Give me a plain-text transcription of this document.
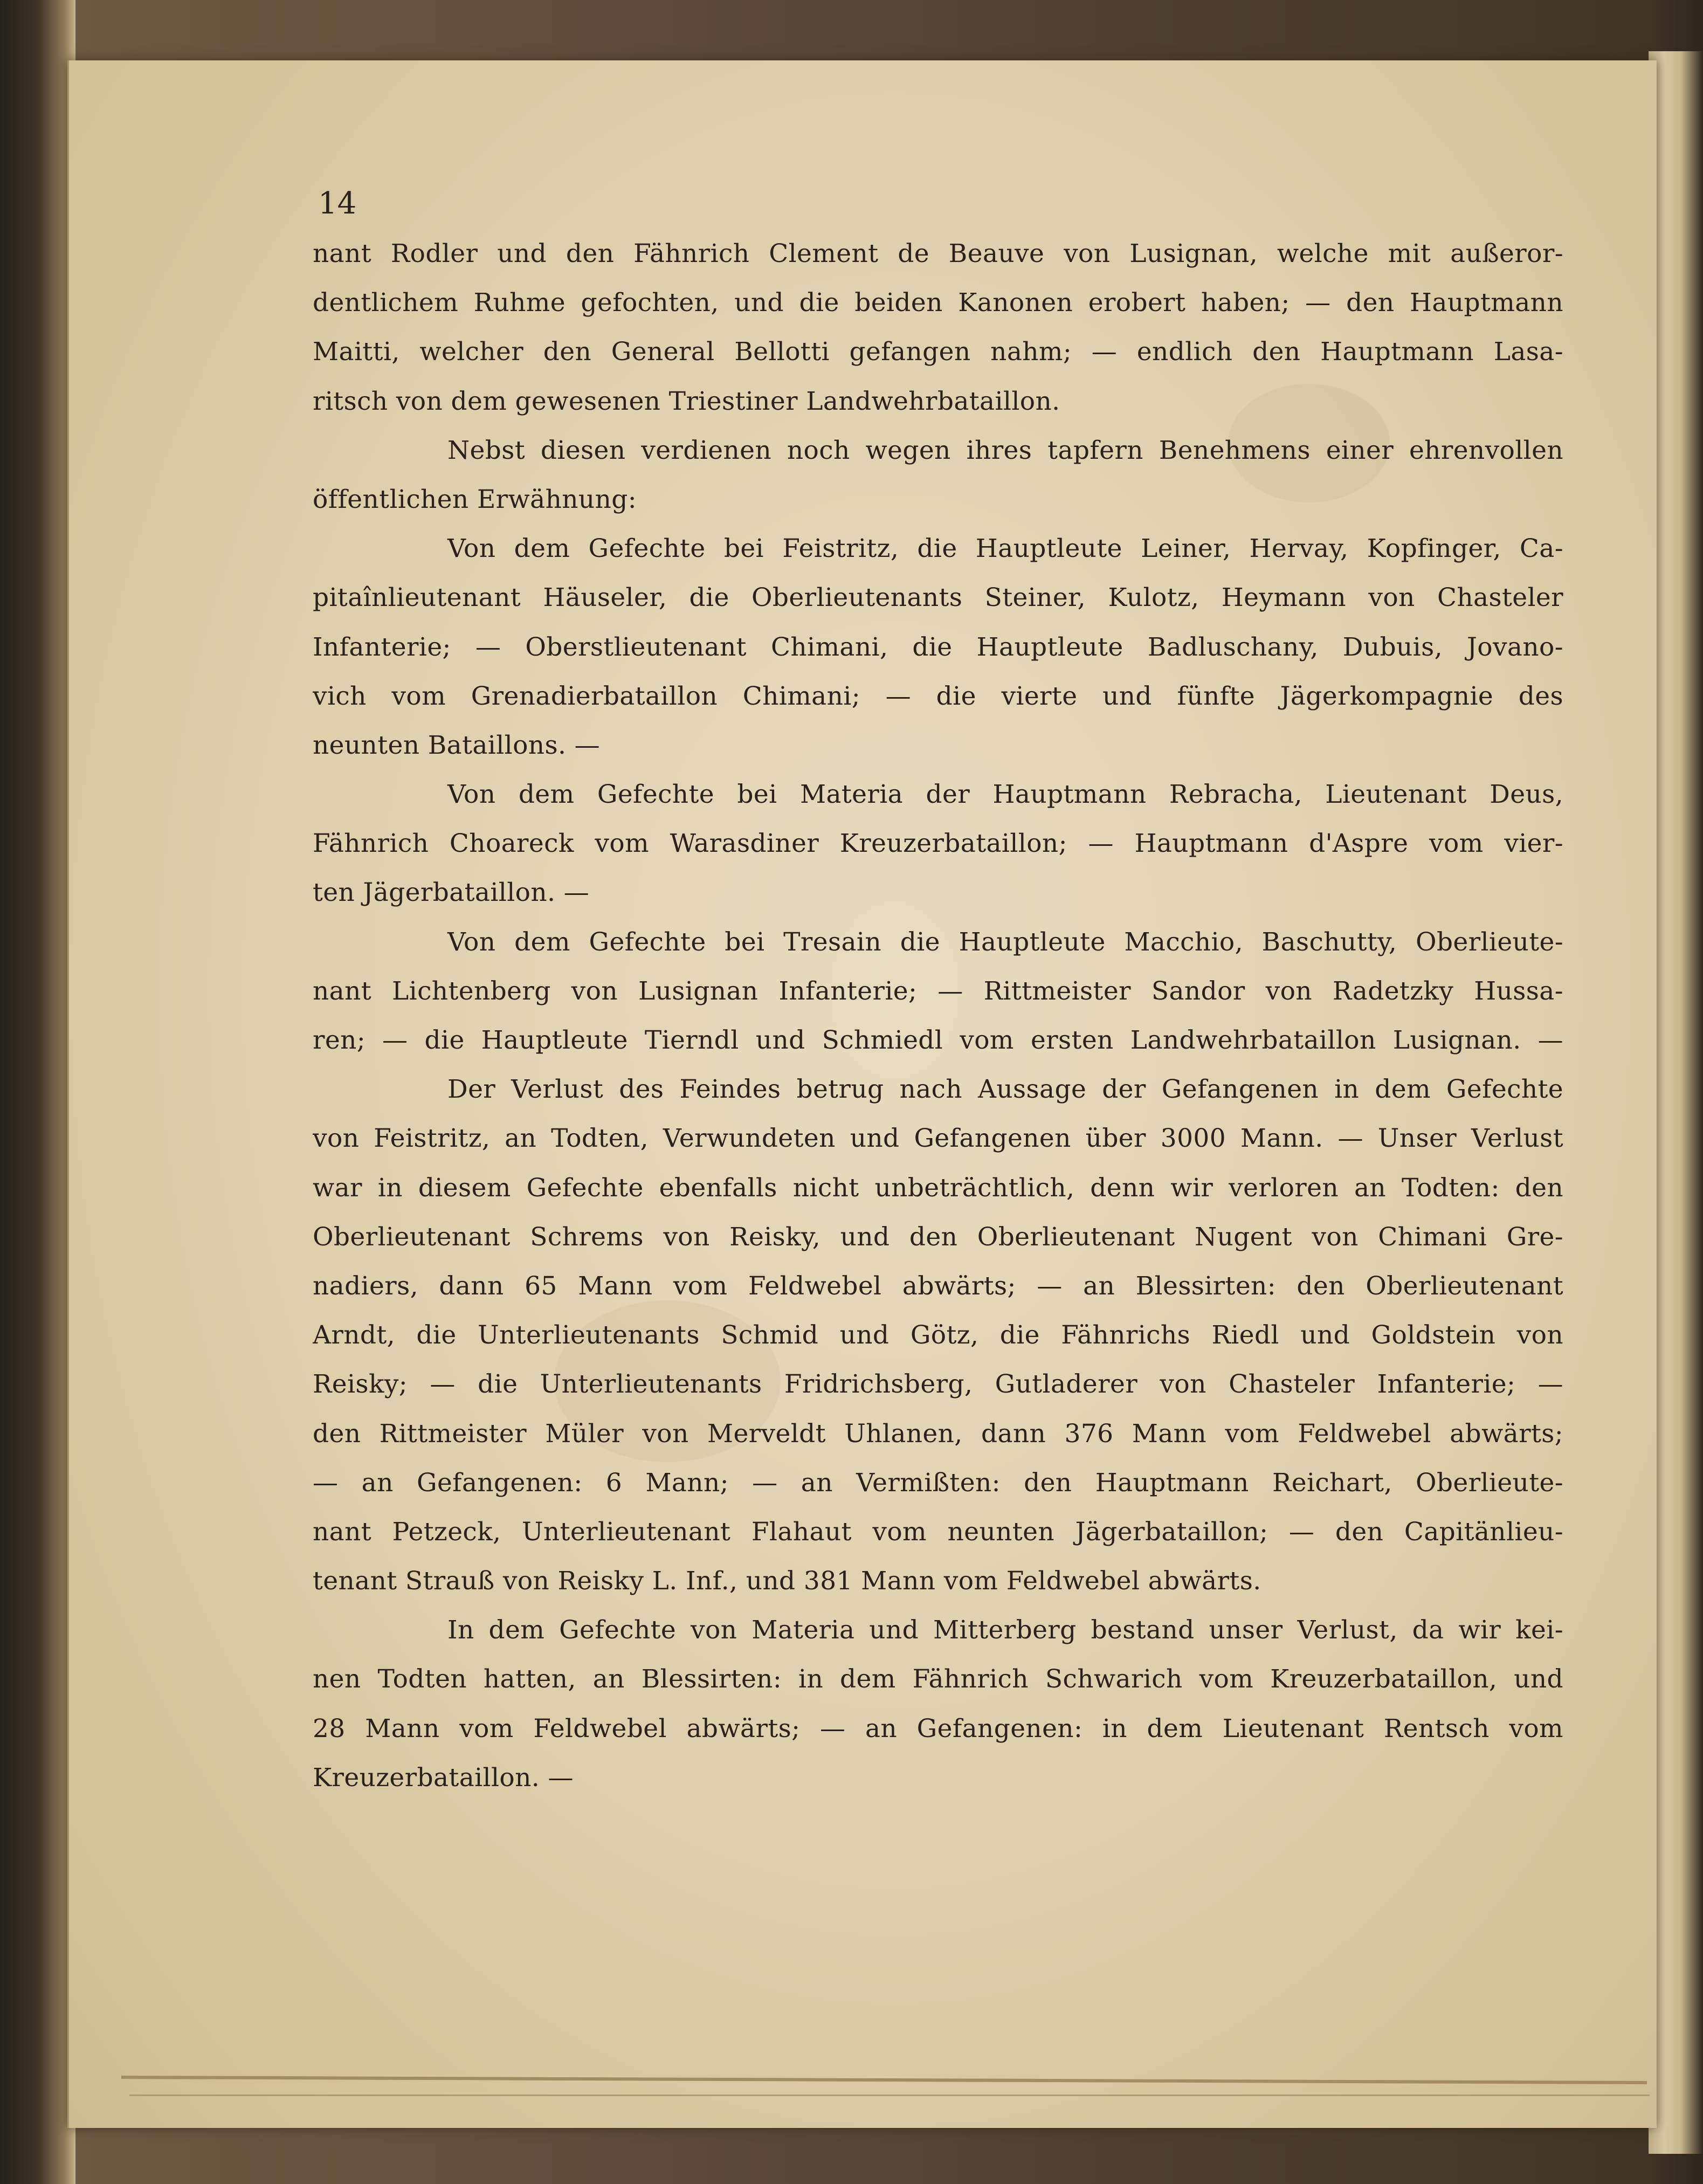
14
nant Rodler und den Fähnrich Clement de Beauve von Lusignan, welche mit außeror-
dentlichem Ruhme gefochten, und die beiden Kanonen erobert haben; — den Hauptmann
Maitti, welcher den General Bellotti gefangen nahm; — endlich den Hauptmann Lasa-
ritsch von dem gewesenen Triestiner Landwehrbataillon.
Nebst diesen verdienen noch wegen ihres tapfern Benehmens einer ehrenvollen
öffentlichen Erwähnung:
Von dem Gefechte bei Feistritz, die Hauptleute Leiner, Hervay, Kopfinger, Ca-
pitaînlieutenant Häuseler, die Oberlieutenants Steiner, Kulotz, Heymann von Chasteler
Infanterie; — Oberstlieutenant Chimani, die Hauptleute Badluschany, Dubuis, Jovano-
vich vom Grenadierbataillon Chimani; — die vierte und fünfte Jägerkompagnie des
neunten Bataillons. —
Von dem Gefechte bei Materia der Hauptmann Rebracha, Lieutenant Deus,
Fähnrich Choareck vom Warasdiner Kreuzerbataillon; — Hauptmann d'Aspre vom vier-
ten Jägerbataillon. —
Von dem Gefechte bei Tresain die Hauptleute Macchio, Baschutty, Oberlieute-
nant Lichtenberg von Lusignan Infanterie; — Rittmeister Sandor von Radetzky Hussa-
ren; — die Hauptleute Tierndl und Schmiedl vom ersten Landwehrbataillon Lusignan. —
Der Verlust des Feindes betrug nach Aussage der Gefangenen in dem Gefechte
von Feistritz, an Todten, Verwundeten und Gefangenen über 3000 Mann. — Unser Verlust
war in diesem Gefechte ebenfalls nicht unbeträchtlich, denn wir verloren an Todten: den
Oberlieutenant Schrems von Reisky, und den Oberlieutenant Nugent von Chimani Gre-
nadiers, dann 65 Mann vom Feldwebel abwärts; — an Blessirten: den Oberlieutenant
Arndt, die Unterlieutenants Schmid und Götz, die Fähnrichs Riedl und Goldstein von
Reisky; — die Unterlieutenants Fridrichsberg, Gutladerer von Chasteler Infanterie; —
den Rittmeister Müler von Merveldt Uhlanen, dann 376 Mann vom Feldwebel abwärts;
— an Gefangenen: 6 Mann; — an Vermißten: den Hauptmann Reichart, Oberlieute-
nant Petzeck, Unterlieutenant Flahaut vom neunten Jägerbataillon; — den Capitänlieu-
tenant Strauß von Reisky L. Inf., und 381 Mann vom Feldwebel abwärts.
In dem Gefechte von Materia und Mitterberg bestand unser Verlust, da wir kei-
nen Todten hatten, an Blessirten: in dem Fähnrich Schwarich vom Kreuzerbataillon, und
28 Mann vom Feldwebel abwärts; — an Gefangenen: in dem Lieutenant Rentsch vom
Kreuzerbataillon. —
